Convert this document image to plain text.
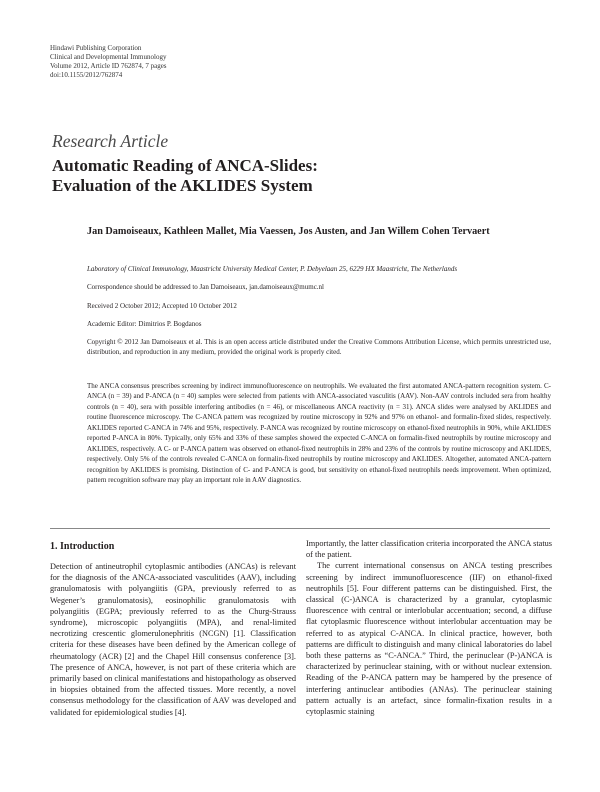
Hindawi Publishing Corporation
Clinical and Developmental Immunology
Volume 2012, Article ID 762874, 7 pages
doi:10.1155/2012/762874
Research Article
Automatic Reading of ANCA-Slides:
Evaluation of the AKLIDES System
Jan Damoiseaux, Kathleen Mallet, Mia Vaessen, Jos Austen, and Jan Willem Cohen Tervaert
Laboratory of Clinical Immunology, Maastricht University Medical Center, P. Debyelaan 25, 6229 HX Maastricht, The Netherlands
Correspondence should be addressed to Jan Damoiseaux, jan.damoiseaux@mumc.nl
Received 2 October 2012; Accepted 10 October 2012
Academic Editor: Dimitrios P. Bogdanos
Copyright © 2012 Jan Damoiseaux et al. This is an open access article distributed under the Creative Commons Attribution License, which permits unrestricted use, distribution, and reproduction in any medium, provided the original work is properly cited.
The ANCA consensus prescribes screening by indirect immunofluorescence on neutrophils. We evaluated the first automated ANCA-pattern recognition system. C-ANCA (n = 39) and P-ANCA (n = 40) samples were selected from patients with ANCA-associated vasculitis (AAV). Non-AAV controls included sera from healthy controls (n = 40), sera with possible interfering antibodies (n = 46), or miscellaneous ANCA reactivity (n = 31). ANCA slides were analysed by AKLIDES and routine fluorescence microscopy. The C-ANCA pattern was recognized by routine microscopy in 92% and 97% on ethanol- and formalin-fixed slides, respectively. AKLIDES reported C-ANCA in 74% and 95%, respectively. P-ANCA was recognized by routine microscopy on ethanol-fixed neutrophils in 90%, while AKLIDES reported P-ANCA in 80%. Typically, only 65% and 33% of these samples showed the expected C-ANCA on formalin-fixed neutrophils by routine microscopy and AKLIDES, respectively. A C- or P-ANCA pattern was observed on ethanol-fixed neutrophils in 28% and 23% of the controls by routine microscopy and AKLIDES, respectively. Only 5% of the controls revealed C-ANCA on formalin-fixed neutrophils by routine microscopy and AKLIDES. Altogether, automated ANCA-pattern recognition by AKLIDES is promising. Distinction of C- and P-ANCA is good, but sensitivity on ethanol-fixed neutrophils needs improvement. When optimized, pattern recognition software may play an important role in AAV diagnostics.
1. Introduction

Detection of antineutrophil cytoplasmic antibodies (ANCAs) is relevant for the diagnosis of the ANCA-associated vasculitides (AAV), including granulomatosis with polyangiitis (GPA, previously referred to as Wegener’s granulomatosis), eosinophilic granulomatosis with polyangiitis (EGPA; previously referred to as the Churg-Strauss syndrome), microscopic polyangiitis (MPA), and renal-limited necrotizing crescentic glomerulonephritis (NCGN) [1]. Classification criteria for these diseases have been defined by the American college of rheumatology (ACR) [2] and the Chapel Hill consensus conference [3]. The presence of ANCA, however, is not part of these criteria which are primarily based on clinical manifestations and histopathology as observed in biopsies obtained from the affected tissues. More recently, a novel consensus methodology for the classification of AAV was developed and validated for epidemiological studies [4].

Importantly, the latter classification criteria incorporated the ANCA status of the patient.

The current international consensus on ANCA testing prescribes screening by indirect immunofluorescence (IIF) on ethanol-fixed neutrophils [5]. Four different patterns can be distinguished. First, the classical (C-)ANCA is characterized by a granular, cytoplasmic fluorescence with central or interlobular accentuation; second, a diffuse flat cytoplasmic fluorescence without interlobular accentuation may be referred to as atypical C-ANCA. In clinical practice, however, both patterns are difficult to distinguish and many clinical laboratories do label both these patterns as “C-ANCA.” Third, the perinuclear (P-)ANCA is characterized by perinuclear staining, with or without nuclear extension. Reading of the P-ANCA pattern may be hampered by the presence of interfering antinuclear antibodies (ANAs). The perinuclear staining pattern actually is an artefact, since formalin-fixation results in a cytoplasmic staining
